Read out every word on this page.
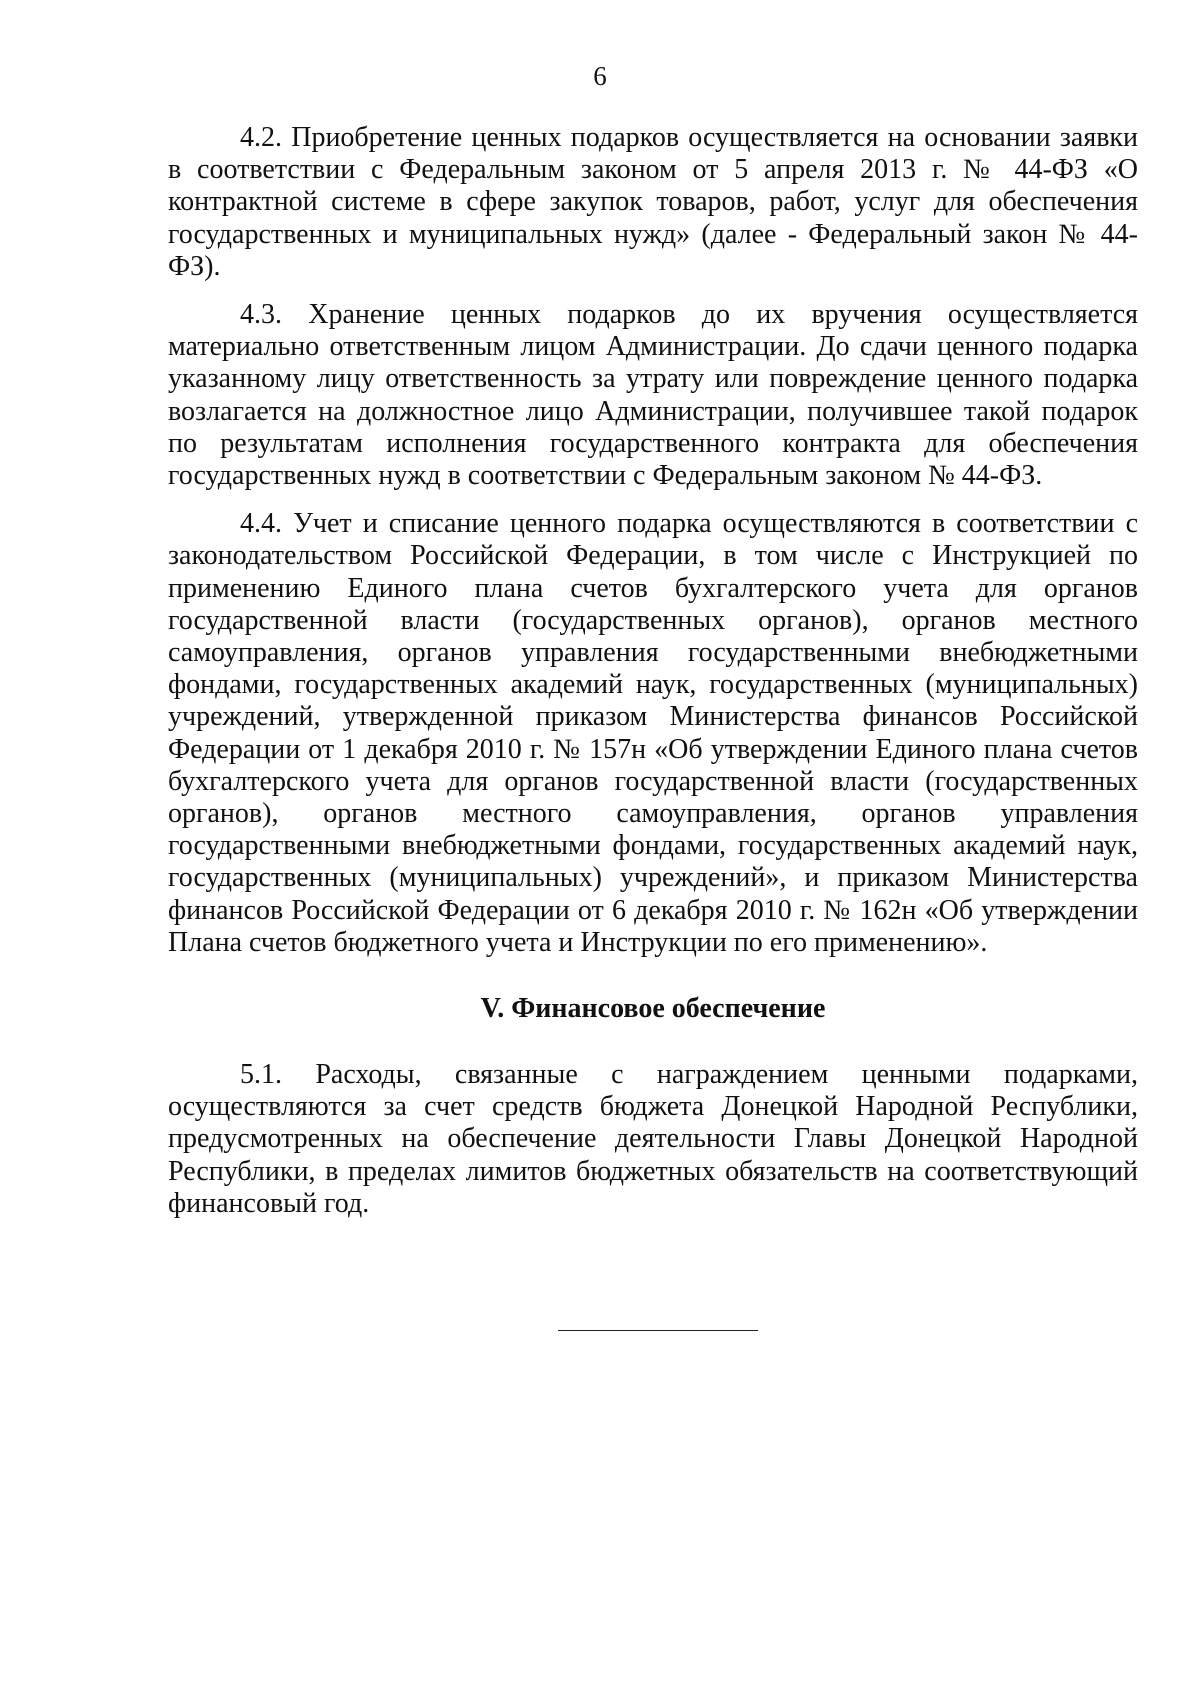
6

4.2. Приобретение ценных подарков осуществляется на основании заявки в соответствии с Федеральным законом от 5 апреля 2013 г. № 44-ФЗ «О контрактной системе в сфере закупок товаров, работ, услуг для обеспечения государственных и муниципальных нужд» (далее - Федеральный закон № 44-ФЗ).

4.3. Хранение ценных подарков до их вручения осуществляется материально ответственным лицом Администрации. До сдачи ценного подарка указанному лицу ответственность за утрату или повреждение ценного подарка возлагается на должностное лицо Администрации, получившее такой подарок по результатам исполнения государственного контракта для обеспечения государственных нужд в соответствии с Федеральным законом № 44-ФЗ.

4.4. Учет и списание ценного подарка осуществляются в соответствии с законодательством Российской Федерации, в том числе с Инструкцией по применению Единого плана счетов бухгалтерского учета для органов государственной власти (государственных органов), органов местного самоуправления, органов управления государственными внебюджетными фондами, государственных академий наук, государственных (муниципальных) учреждений, утвержденной приказом Министерства финансов Российской Федерации от 1 декабря 2010 г. № 157н «Об утверждении Единого плана счетов бухгалтерского учета для органов государственной власти (государственных органов), органов местного самоуправления, органов управления государственными внебюджетными фондами, государственных академий наук, государственных (муниципальных) учреждений», и приказом Министерства финансов Российской Федерации от 6 декабря 2010 г. № 162н «Об утверждении Плана счетов бюджетного учета и Инструкции по его применению».

V. Финансовое обеспечение

5.1. Расходы, связанные с награждением ценными подарками, осуществляются за счет средств бюджета Донецкой Народной Республики, предусмотренных на обеспечение деятельности Главы Донецкой Народной Республики, в пределах лимитов бюджетных обязательств на соответствующий финансовый год.
